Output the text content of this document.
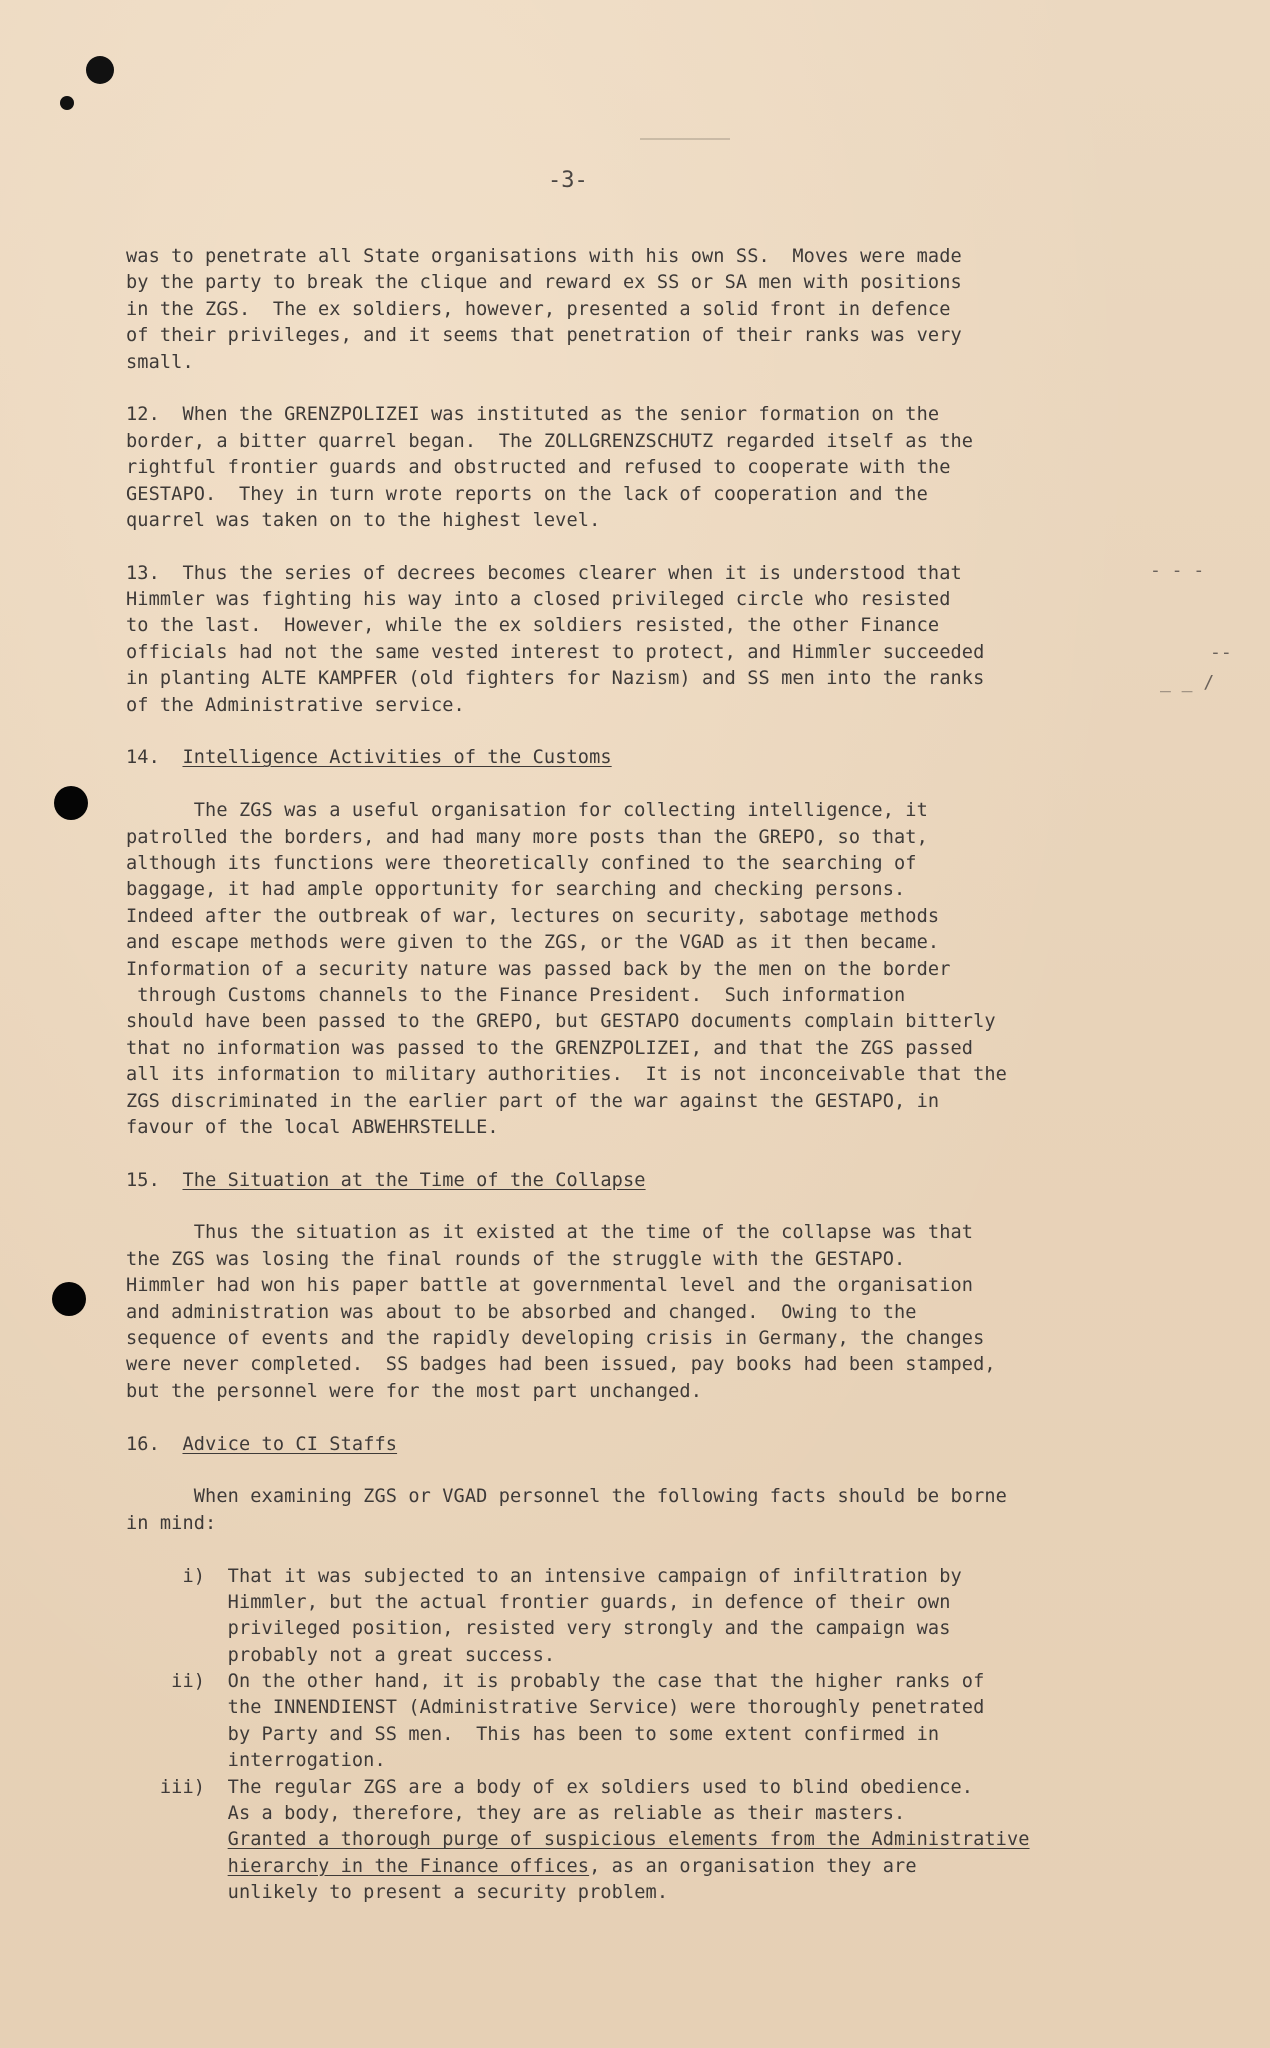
-3-
- - -
--
_ _ /
was to penetrate all State organisations with his own SS.  Moves were made
by the party to break the clique and reward ex SS or SA men with positions
in the ZGS.  The ex soldiers, however, presented a solid front in defence
of their privileges, and it seems that penetration of their ranks was very
small.
12.  When the GRENZPOLIZEI was instituted as the senior formation on the
border, a bitter quarrel began.  The ZOLLGRENZSCHUTZ regarded itself as the
rightful frontier guards and obstructed and refused to cooperate with the
GESTAPO.  They in turn wrote reports on the lack of cooperation and the
quarrel was taken on to the highest level.
13.  Thus the series of decrees becomes clearer when it is understood that
Himmler was fighting his way into a closed privileged circle who resisted
to the last.  However, while the ex soldiers resisted, the other Finance
officials had not the same vested interest to protect, and Himmler succeeded
in planting ALTE KAMPFER (old fighters for Nazism) and SS men into the ranks
of the Administrative service.
14.  Intelligence Activities of the Customs
The ZGS was a useful organisation for collecting intelligence, it
patrolled the borders, and had many more posts than the GREPO, so that,
although its functions were theoretically confined to the searching of
baggage, it had ample opportunity for searching and checking persons.
Indeed after the outbreak of war, lectures on security, sabotage methods
and escape methods were given to the ZGS, or the VGAD as it then became.
Information of a security nature was passed back by the men on the border
through Customs channels to the Finance President.  Such information
should have been passed to the GREPO, but GESTAPO documents complain bitterly
that no information was passed to the GRENZPOLIZEI, and that the ZGS passed
all its information to military authorities.  It is not inconceivable that the
ZGS discriminated in the earlier part of the war against the GESTAPO, in
favour of the local ABWEHRSTELLE.
15.  The Situation at the Time of the Collapse
Thus the situation as it existed at the time of the collapse was that
the ZGS was losing the final rounds of the struggle with the GESTAPO.
Himmler had won his paper battle at governmental level and the organisation
and administration was about to be absorbed and changed.  Owing to the
sequence of events and the rapidly developing crisis in Germany, the changes
were never completed.  SS badges had been issued, pay books had been stamped,
but the personnel were for the most part unchanged.
16.  Advice to CI Staffs
When examining ZGS or VGAD personnel the following facts should be borne
in mind:
i)  That it was subjected to an intensive campaign of infiltration by
Himmler, but the actual frontier guards, in defence of their own
privileged position, resisted very strongly and the campaign was
probably not a great success.
ii)  On the other hand, it is probably the case that the higher ranks of
the INNENDIENST (Administrative Service) were thoroughly penetrated
by Party and SS men.  This has been to some extent confirmed in
interrogation.
iii)  The regular ZGS are a body of ex soldiers used to blind obedience.
As a body, therefore, they are as reliable as their masters.
Granted a thorough purge of suspicious elements from the Administrative
hierarchy in the Finance offices, as an organisation they are
unlikely to present a security problem.
